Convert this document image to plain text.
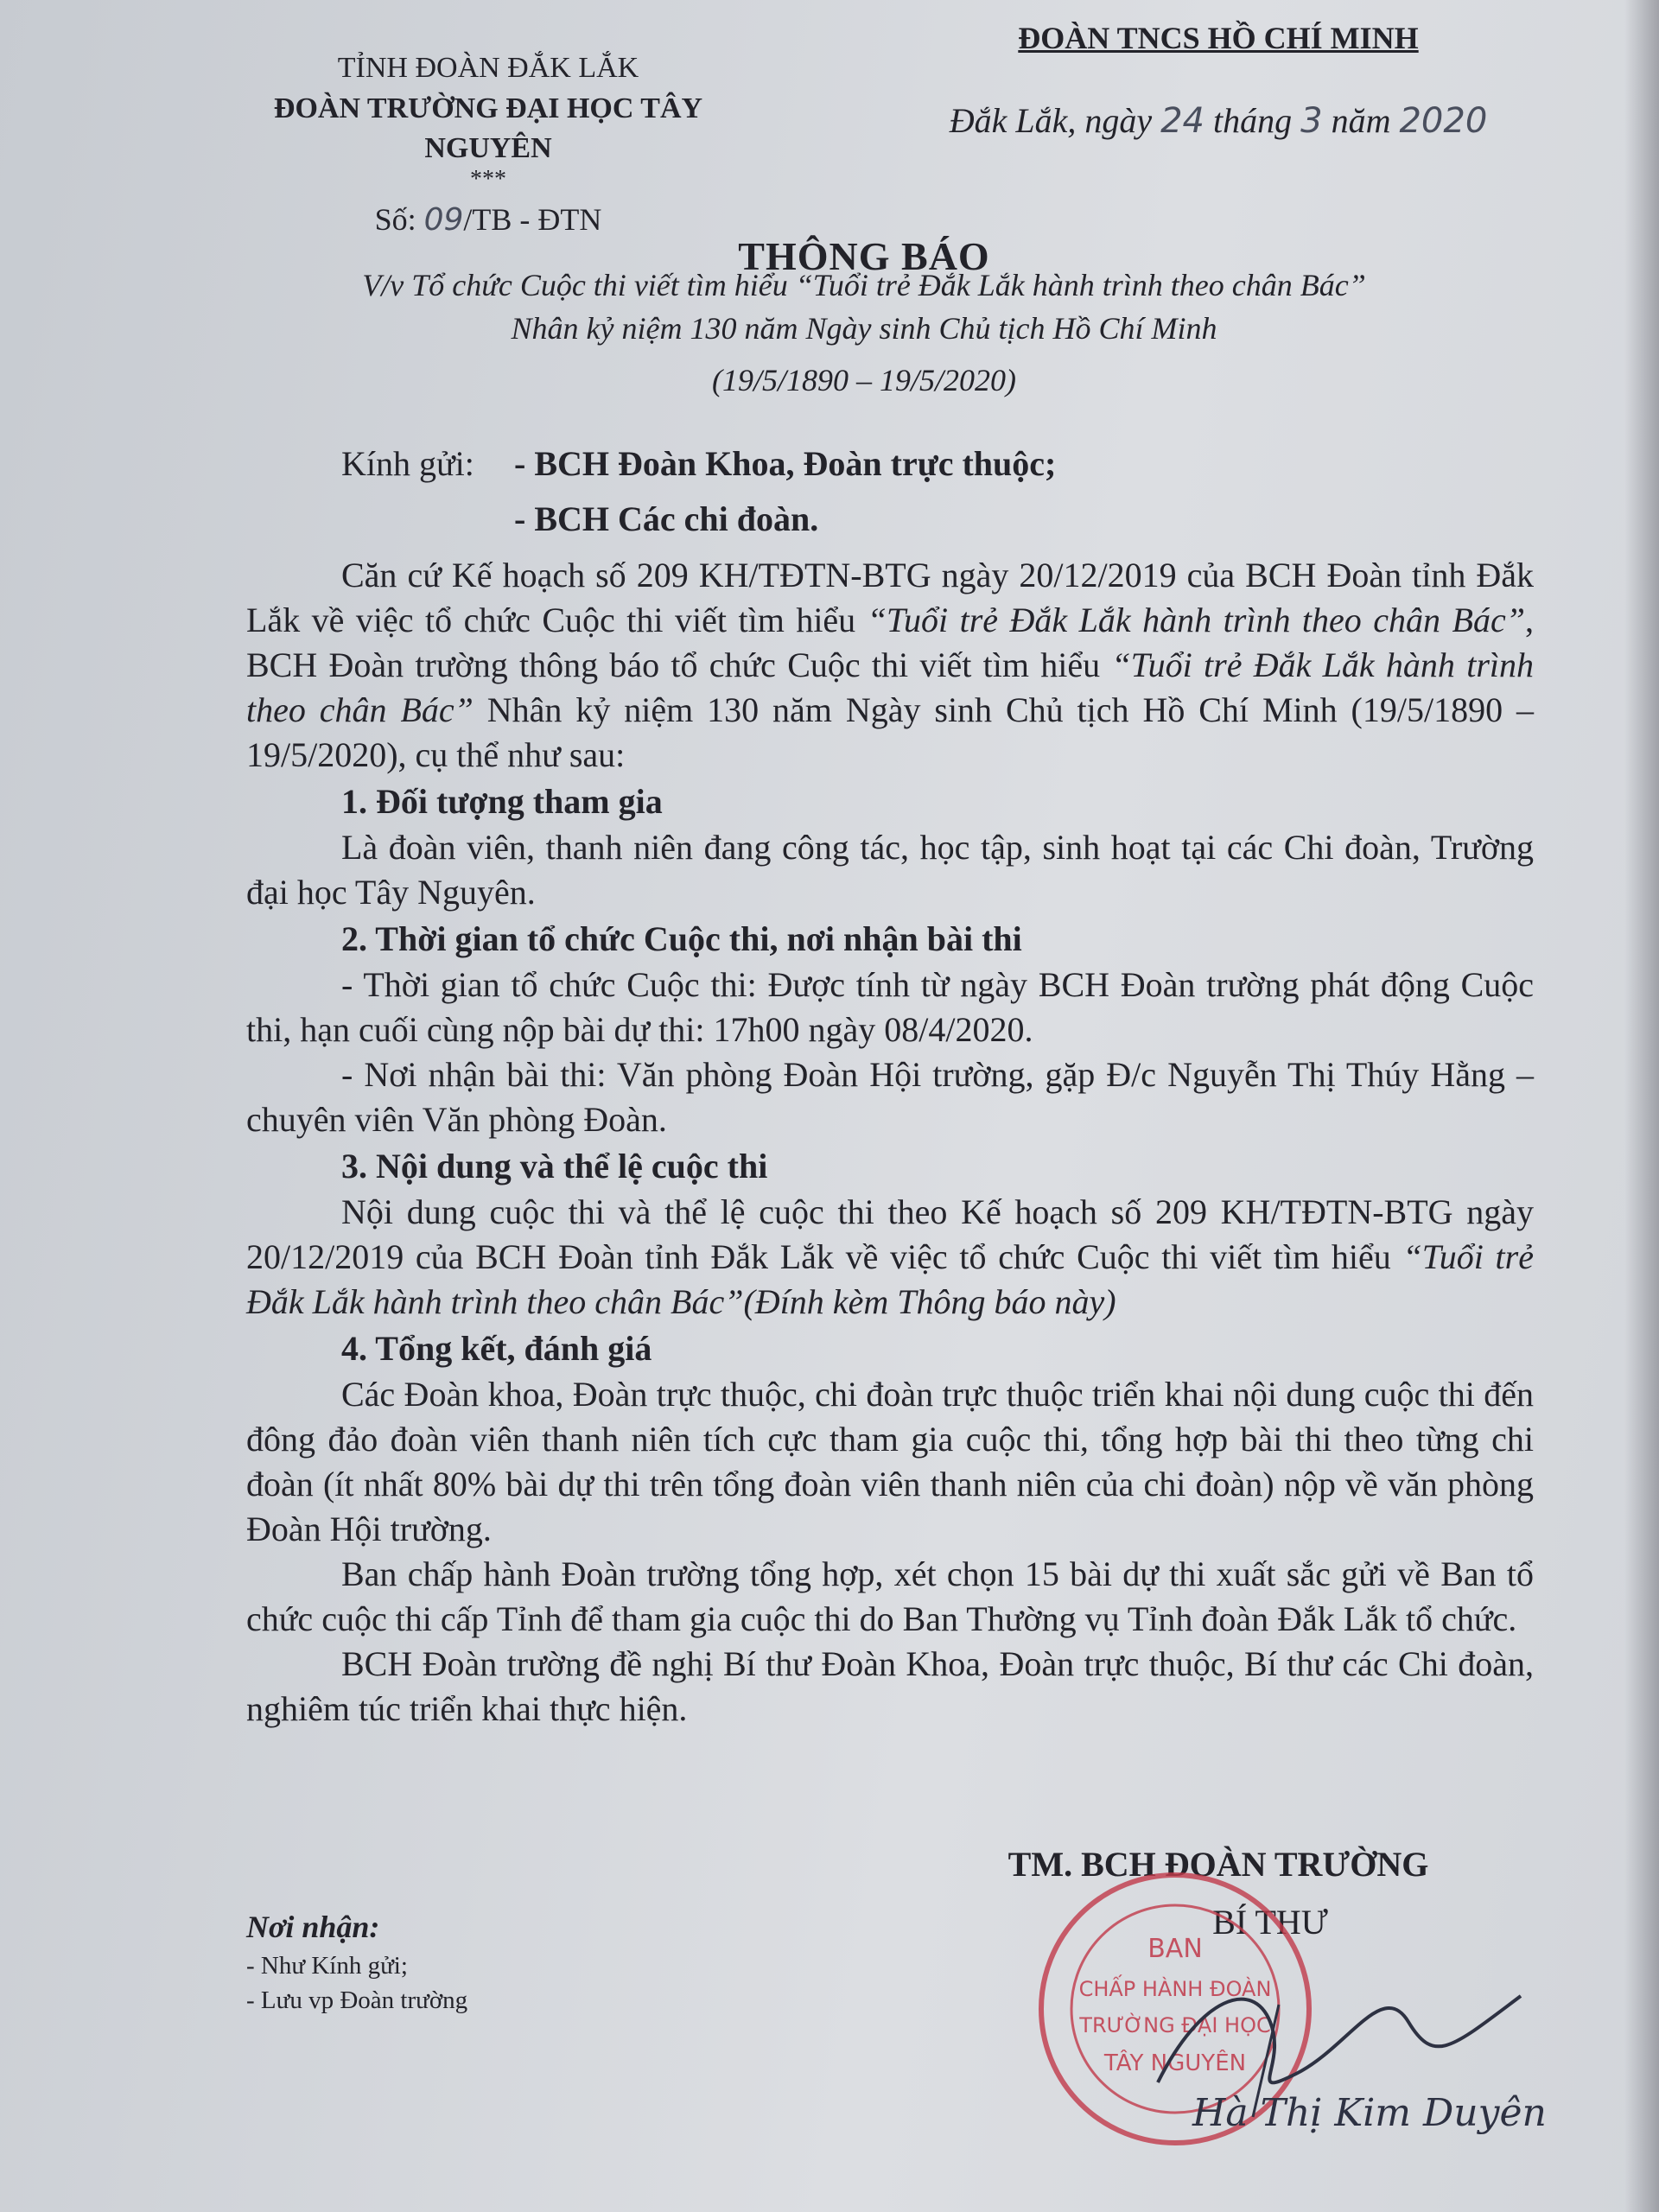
TỈNH ĐOÀN ĐẮK LẮK
ĐOÀN TRƯỜNG ĐẠI HỌC TÂY NGUYÊN
***
Số: 09/TB - ĐTN
ĐOÀN TNCS HỒ CHÍ MINH
Đắk Lắk, ngày 24 tháng 3 năm 2020
THÔNG BÁO
V/v Tổ chức Cuộc thi viết tìm hiểu “Tuổi trẻ Đắk Lắk hành trình theo chân Bác”
Nhân kỷ niệm 130 năm Ngày sinh Chủ tịch Hồ Chí Minh
(19/5/1890 – 19/5/2020)
Kính gửi: - BCH Đoàn Khoa, Đoàn trực thuộc;
- BCH Các chi đoàn.

Căn cứ Kế hoạch số 209 KH/TĐTN-BTG ngày 20/12/2019 của BCH Đoàn tỉnh Đắk Lắk về việc tổ chức Cuộc thi viết tìm hiểu “Tuổi trẻ Đắk Lắk hành trình theo chân Bác”, BCH Đoàn trường thông báo tổ chức Cuộc thi viết tìm hiểu “Tuổi trẻ Đắk Lắk hành trình theo chân Bác” Nhân kỷ niệm 130 năm Ngày sinh Chủ tịch Hồ Chí Minh (19/5/1890 – 19/5/2020), cụ thể như sau:

1. Đối tượng tham gia

Là đoàn viên, thanh niên đang công tác, học tập, sinh hoạt tại các Chi đoàn, Trường đại học Tây Nguyên.

2. Thời gian tổ chức Cuộc thi, nơi nhận bài thi

- Thời gian tổ chức Cuộc thi: Được tính từ ngày BCH Đoàn trường phát động Cuộc thi, hạn cuối cùng nộp bài dự thi: 17h00 ngày 08/4/2020.

- Nơi nhận bài thi: Văn phòng Đoàn Hội trường, gặp Đ/c Nguyễn Thị Thúy Hằng – chuyên viên Văn phòng Đoàn.

3. Nội dung và thể lệ cuộc thi

Nội dung cuộc thi và thể lệ cuộc thi theo Kế hoạch số 209 KH/TĐTN-BTG ngày 20/12/2019 của BCH Đoàn tỉnh Đắk Lắk về việc tổ chức Cuộc thi viết tìm hiểu “Tuổi trẻ Đắk Lắk hành trình theo chân Bác”(Đính kèm Thông báo này)

4. Tổng kết, đánh giá

Các Đoàn khoa, Đoàn trực thuộc, chi đoàn trực thuộc triển khai nội dung cuộc thi đến đông đảo đoàn viên thanh niên tích cực tham gia cuộc thi, tổng hợp bài thi theo từng chi đoàn (ít nhất 80% bài dự thi trên tổng đoàn viên thanh niên của chi đoàn) nộp về văn phòng Đoàn Hội trường.

Ban chấp hành Đoàn trường tổng hợp, xét chọn 15 bài dự thi xuất sắc gửi về Ban tổ chức cuộc thi cấp Tỉnh để tham gia cuộc thi do Ban Thường vụ Tỉnh đoàn Đắk Lắk tổ chức.

BCH Đoàn trường đề nghị Bí thư Đoàn Khoa, Đoàn trực thuộc, Bí thư các Chi đoàn, nghiêm túc triển khai thực hiện.

Nơi nhận:
- Như Kính gửi;
- Lưu vp Đoàn trường
TM. BCH ĐOÀN TRƯỜNG
BÍ THƯ
BAN
CHẤP HÀNH ĐOÀN
TRƯỜNG ĐẠI HỌC
TÂY NGUYÊN
Hà Thị Kim Duyên
